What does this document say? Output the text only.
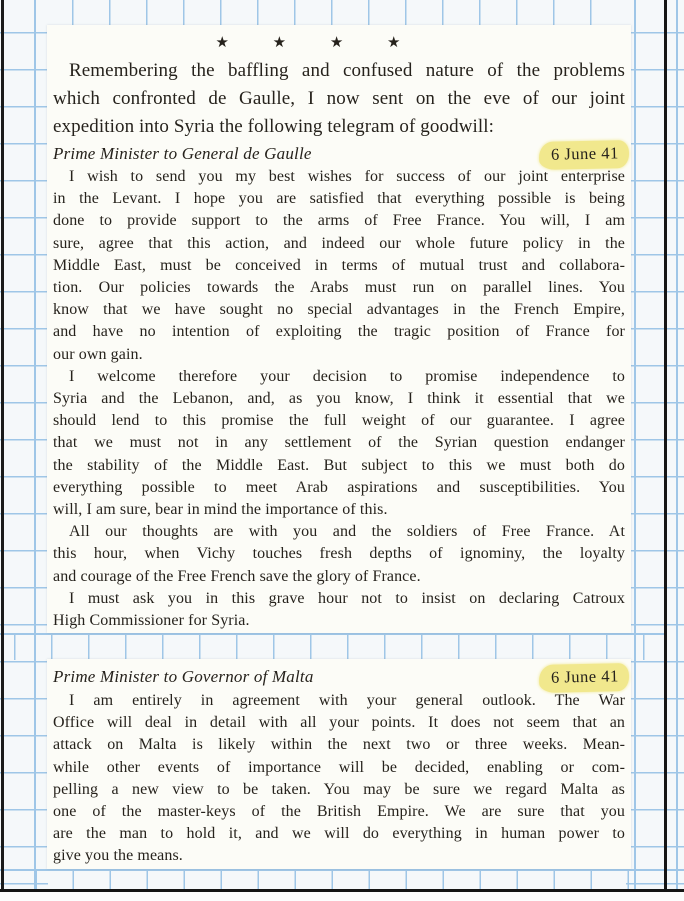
★ ★ ★ ★
Remembering the baffling and confused nature of the problems
which confronted de Gaulle, I now sent on the eve of our joint
expedition into Syria the following telegram of goodwill:
Prime Minister to General de Gaulle	6 June 41
I wish to send you my best wishes for success of our joint enterprise
in the Levant. I hope you are satisfied that everything possible is being
done to provide support to the arms of Free France. You will, I am
sure, agree that this action, and indeed our whole future policy in the
Middle East, must be conceived in terms of mutual trust and collabora-
tion. Our policies towards the Arabs must run on parallel lines. You
know that we have sought no special advantages in the French Empire,
and have no intention of exploiting the tragic position of France for
our own gain.
I welcome therefore your decision to promise independence to
Syria and the Lebanon, and, as you know, I think it essential that we
should lend to this promise the full weight of our guarantee. I agree
that we must not in any settlement of the Syrian question endanger
the stability of the Middle East. But subject to this we must both do
everything possible to meet Arab aspirations and susceptibilities. You
will, I am sure, bear in mind the importance of this.
All our thoughts are with you and the soldiers of Free France. At
this hour, when Vichy touches fresh depths of ignominy, the loyalty
and courage of the Free French save the glory of France.
I must ask you in this grave hour not to insist on declaring Catroux
High Commissioner for Syria.
Prime Minister to Governor of Malta	6 June 41
I am entirely in agreement with your general outlook. The War
Office will deal in detail with all your points. It does not seem that an
attack on Malta is likely within the next two or three weeks. Mean-
while other events of importance will be decided, enabling or com-
pelling a new view to be taken. You may be sure we regard Malta as
one of the master-keys of the British Empire. We are sure that you
are the man to hold it, and we will do everything in human power to
give you the means.
